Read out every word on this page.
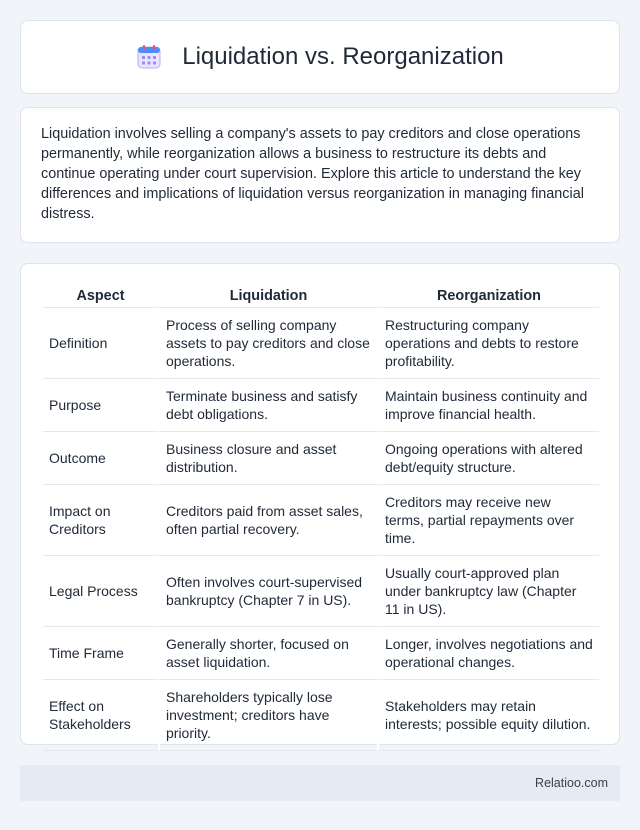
Liquidation vs. Reorganization

Liquidation involves selling a company's assets to pay creditors and close operations permanently, while reorganization allows a business to restructure its debts and continue operating under court supervision. Explore this article to understand the key differences and implications of liquidation versus reorganization in managing financial distress.

Aspect	Liquidation	Reorganization
Definition	Process of selling company assets to pay creditors and close operations.	Restructuring company operations and debts to restore profitability.
Purpose	Terminate business and satisfy debt obligations.	Maintain business continuity and improve financial health.
Outcome	Business closure and asset distribution.	Ongoing operations with altered debt/equity structure.
Impact on Creditors	Creditors paid from asset sales, often partial recovery.	Creditors may receive new terms, partial repayments over time.
Legal Process	Often involves court-supervised bankruptcy (Chapter 7 in US).	Usually court-approved plan under bankruptcy law (Chapter 11 in US).
Time Frame	Generally shorter, focused on asset liquidation.	Longer, involves negotiations and operational changes.
Effect on Stakeholders	Shareholders typically lose investment; creditors have priority.	Stakeholders may retain interests; possible equity dilution.
Relatioo.com
